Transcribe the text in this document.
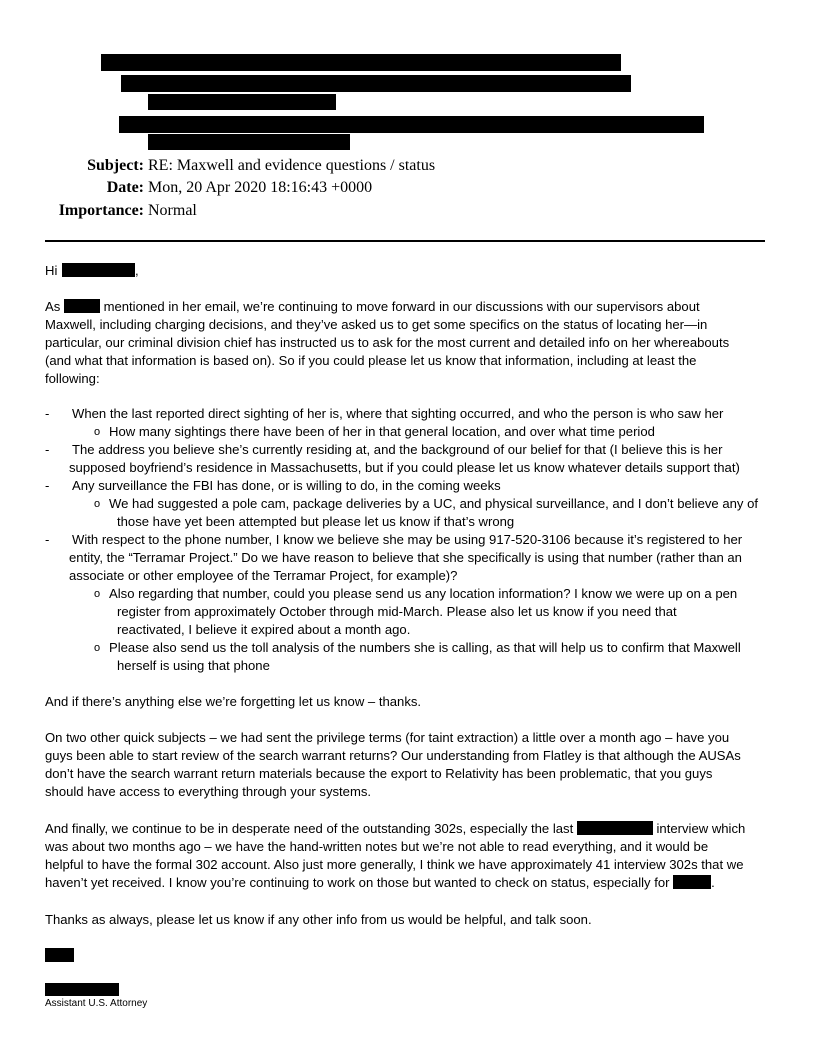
Subject: RE: Maxwell and evidence questions / status
Date: Mon, 20 Apr 2020 18:16:43 +0000
Importance: Normal
Hi	,
As	mentioned in her email, we’re continuing to move forward in our discussions with our supervisors about
Maxwell, including charging decisions, and they’ve asked us to get some specifics on the status of locating her—in
particular, our criminal division chief has instructed us to ask for the most current and detailed info on her whereabouts
(and what that information is based on). So if you could please let us know that information, including at least the
following:
- When the last reported direct sighting of her is, where that sighting occurred, and who the person is who saw her
o How many sightings there have been of her in that general location, and over what time period
- The address you believe she’s currently residing at, and the background of our belief for that (I believe this is her
supposed boyfriend’s residence in Massachusetts, but if you could please let us know whatever details support that)
- Any surveillance the FBI has done, or is willing to do, in the coming weeks
o We had suggested a pole cam, package deliveries by a UC, and physical surveillance, and I don’t believe any of
those have yet been attempted but please let us know if that’s wrong
- With respect to the phone number, I know we believe she may be using 917-520-3106 because it’s registered to her
entity, the “Terramar Project.” Do we have reason to believe that she specifically is using that number (rather than an
associate or other employee of the Terramar Project, for example)?
o Also regarding that number, could you please send us any location information? I know we were up on a pen
register from approximately October through mid-March. Please also let us know if you need that
reactivated, I believe it expired about a month ago.
o Please also send us the toll analysis of the numbers she is calling, as that will help us to confirm that Maxwell
herself is using that phone
And if there’s anything else we’re forgetting let us know – thanks.
On two other quick subjects – we had sent the privilege terms (for taint extraction) a little over a month ago – have you
guys been able to start review of the search warrant returns? Our understanding from Flatley is that although the AUSAs
don’t have the search warrant return materials because the export to Relativity has been problematic, that you guys
should have access to everything through your systems.
And finally, we continue to be in desperate need of the outstanding 302s, especially the last	interview which
was about two months ago – we have the hand-written notes but we’re not able to read everything, and it would be
helpful to have the formal 302 account. Also just more generally, I think we have approximately 41 interview 302s that we
haven’t yet received. I know you’re continuing to work on those but wanted to check on status, especially for	.
Thanks as always, please let us know if any other info from us would be helpful, and talk soon.
Assistant U.S. Attorney
